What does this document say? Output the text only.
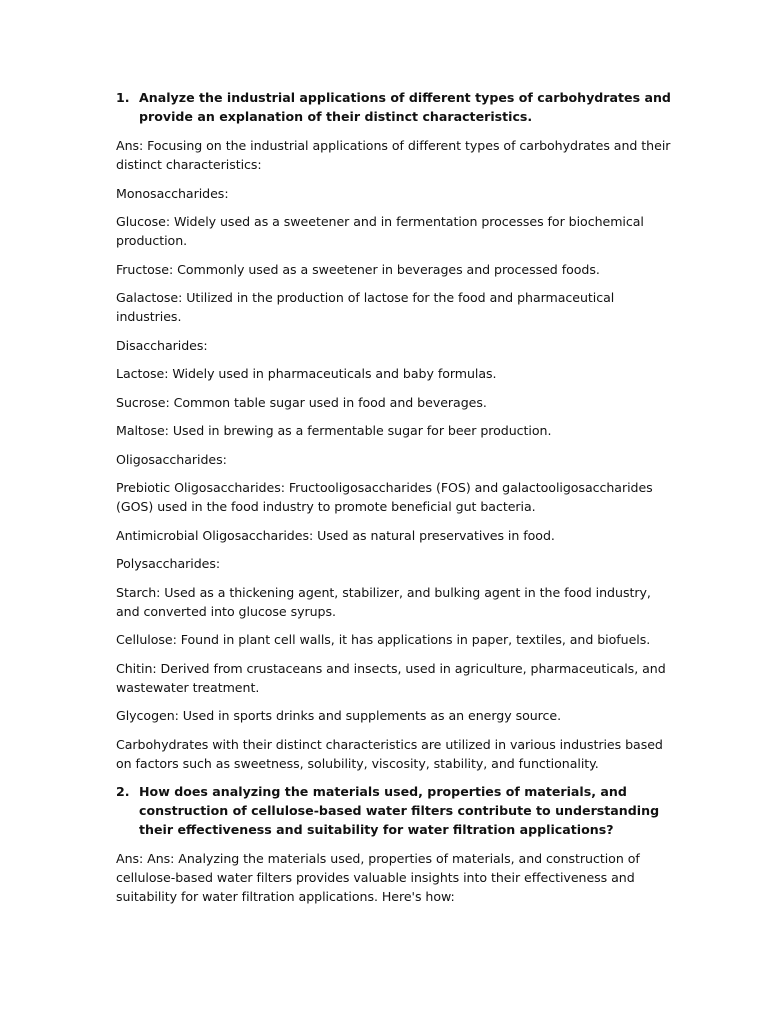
1. Analyze the industrial applications of different types of carbohydrates and provide an explanation of their distinct characteristics.

Ans: Focusing on the industrial applications of different types of carbohydrates and their distinct characteristics:

Monosaccharides:

Glucose: Widely used as a sweetener and in fermentation processes for biochemical production.

Fructose: Commonly used as a sweetener in beverages and processed foods.

Galactose: Utilized in the production of lactose for the food and pharmaceutical industries.

Disaccharides:

Lactose: Widely used in pharmaceuticals and baby formulas.

Sucrose: Common table sugar used in food and beverages.

Maltose: Used in brewing as a fermentable sugar for beer production.

Oligosaccharides:

Prebiotic Oligosaccharides: Fructooligosaccharides (FOS) and galactooligosaccharides (GOS) used in the food industry to promote beneficial gut bacteria.

Antimicrobial Oligosaccharides: Used as natural preservatives in food.

Polysaccharides:

Starch: Used as a thickening agent, stabilizer, and bulking agent in the food industry, and converted into glucose syrups.

Cellulose: Found in plant cell walls, it has applications in paper, textiles, and biofuels.

Chitin: Derived from crustaceans and insects, used in agriculture, pharmaceuticals, and wastewater treatment.

Glycogen: Used in sports drinks and supplements as an energy source.

Carbohydrates with their distinct characteristics are utilized in various industries based on factors such as sweetness, solubility, viscosity, stability, and functionality.

2. How does analyzing the materials used, properties of materials, and construction of cellulose-based water filters contribute to understanding their effectiveness and suitability for water filtration applications?

Ans: Ans: Analyzing the materials used, properties of materials, and construction of cellulose-based water filters provides valuable insights into their effectiveness and suitability for water filtration applications. Here's how:
